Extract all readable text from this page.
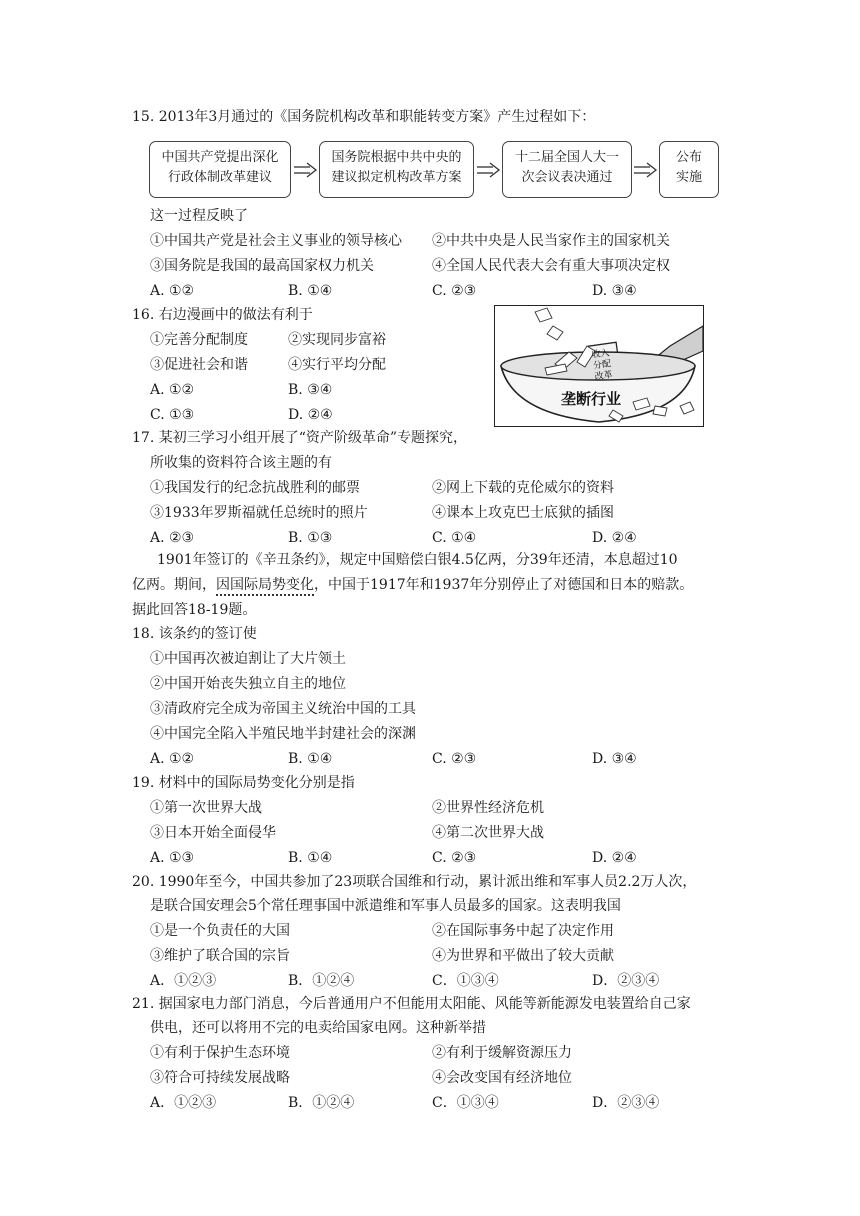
15. 2013年3月通过的《国务院机构改革和职能转变方案》产生过程如下：
中国共产党提出深化
行政体制改革建议
国务院根据中共中央的
建议拟定机构改革方案
十二届全国人大一
次会议表决通过
公布
实施
这一过程反映了
①中国共产党是社会主义事业的领导核心 ②中共中央是人民当家作主的国家机关
③国务院是我国的最高国家权力机关	④全国人民代表大会有重大事项决定权
A. ①②	B. ①④	C. ②③	D. ③④
16. 右边漫画中的做法有利于
①完善分配制度	②实现同步富裕
③促进社会和谐	④实行平均分配
A. ①②	B. ③④
C. ①③	D. ②④
收入
分配
改革
垄断行业
17. 某初三学习小组开展了“资产阶级革命”专题探究，
所收集的资料符合该主题的有
①我国发行的纪念抗战胜利的邮票	②网上下载的克伦威尔的资料
③1933年罗斯福就任总统时的照片	④课本上攻克巴士底狱的插图
A. ②③	B. ①③	C. ①④	D. ②④
1901年签订的《辛丑条约》，规定中国赔偿白银4.5亿两，分39年还清，本息超过10
亿两。期间，因国际局势变化，中国于1917年和1937年分别停止了对德国和日本的赔款。
据此回答18-19题。
18. 该条约的签订使
①中国再次被迫割让了大片领土
②中国开始丧失独立自主的地位
③清政府完全成为帝国主义统治中国的工具
④中国完全陷入半殖民地半封建社会的深渊
A. ①②	B. ①④	C. ②③	D. ③④
19. 材料中的国际局势变化分别是指
①第一次世界大战	②世界性经济危机
③日本开始全面侵华	④第二次世界大战
A. ①③	B. ①④	C. ②③	D. ②④
20. 1990年至今，中国共参加了23项联合国维和行动，累计派出维和军事人员2.2万人次，
是联合国安理会5个常任理事国中派遣维和军事人员最多的国家。这表明我国
①是一个负责任的大国	②在国际事务中起了决定作用
③维护了联合国的宗旨	④为世界和平做出了较大贡献
A．①②③	B．①②④	C．①③④	D．②③④
21. 据国家电力部门消息，今后普通用户不但能用太阳能、风能等新能源发电装置给自己家
供电，还可以将用不完的电卖给国家电网。这种新举措
①有利于保护生态环境	②有利于缓解资源压力
③符合可持续发展战略	④会改变国有经济地位
A．①②③	B．①②④	C．①③④	D．②③④
